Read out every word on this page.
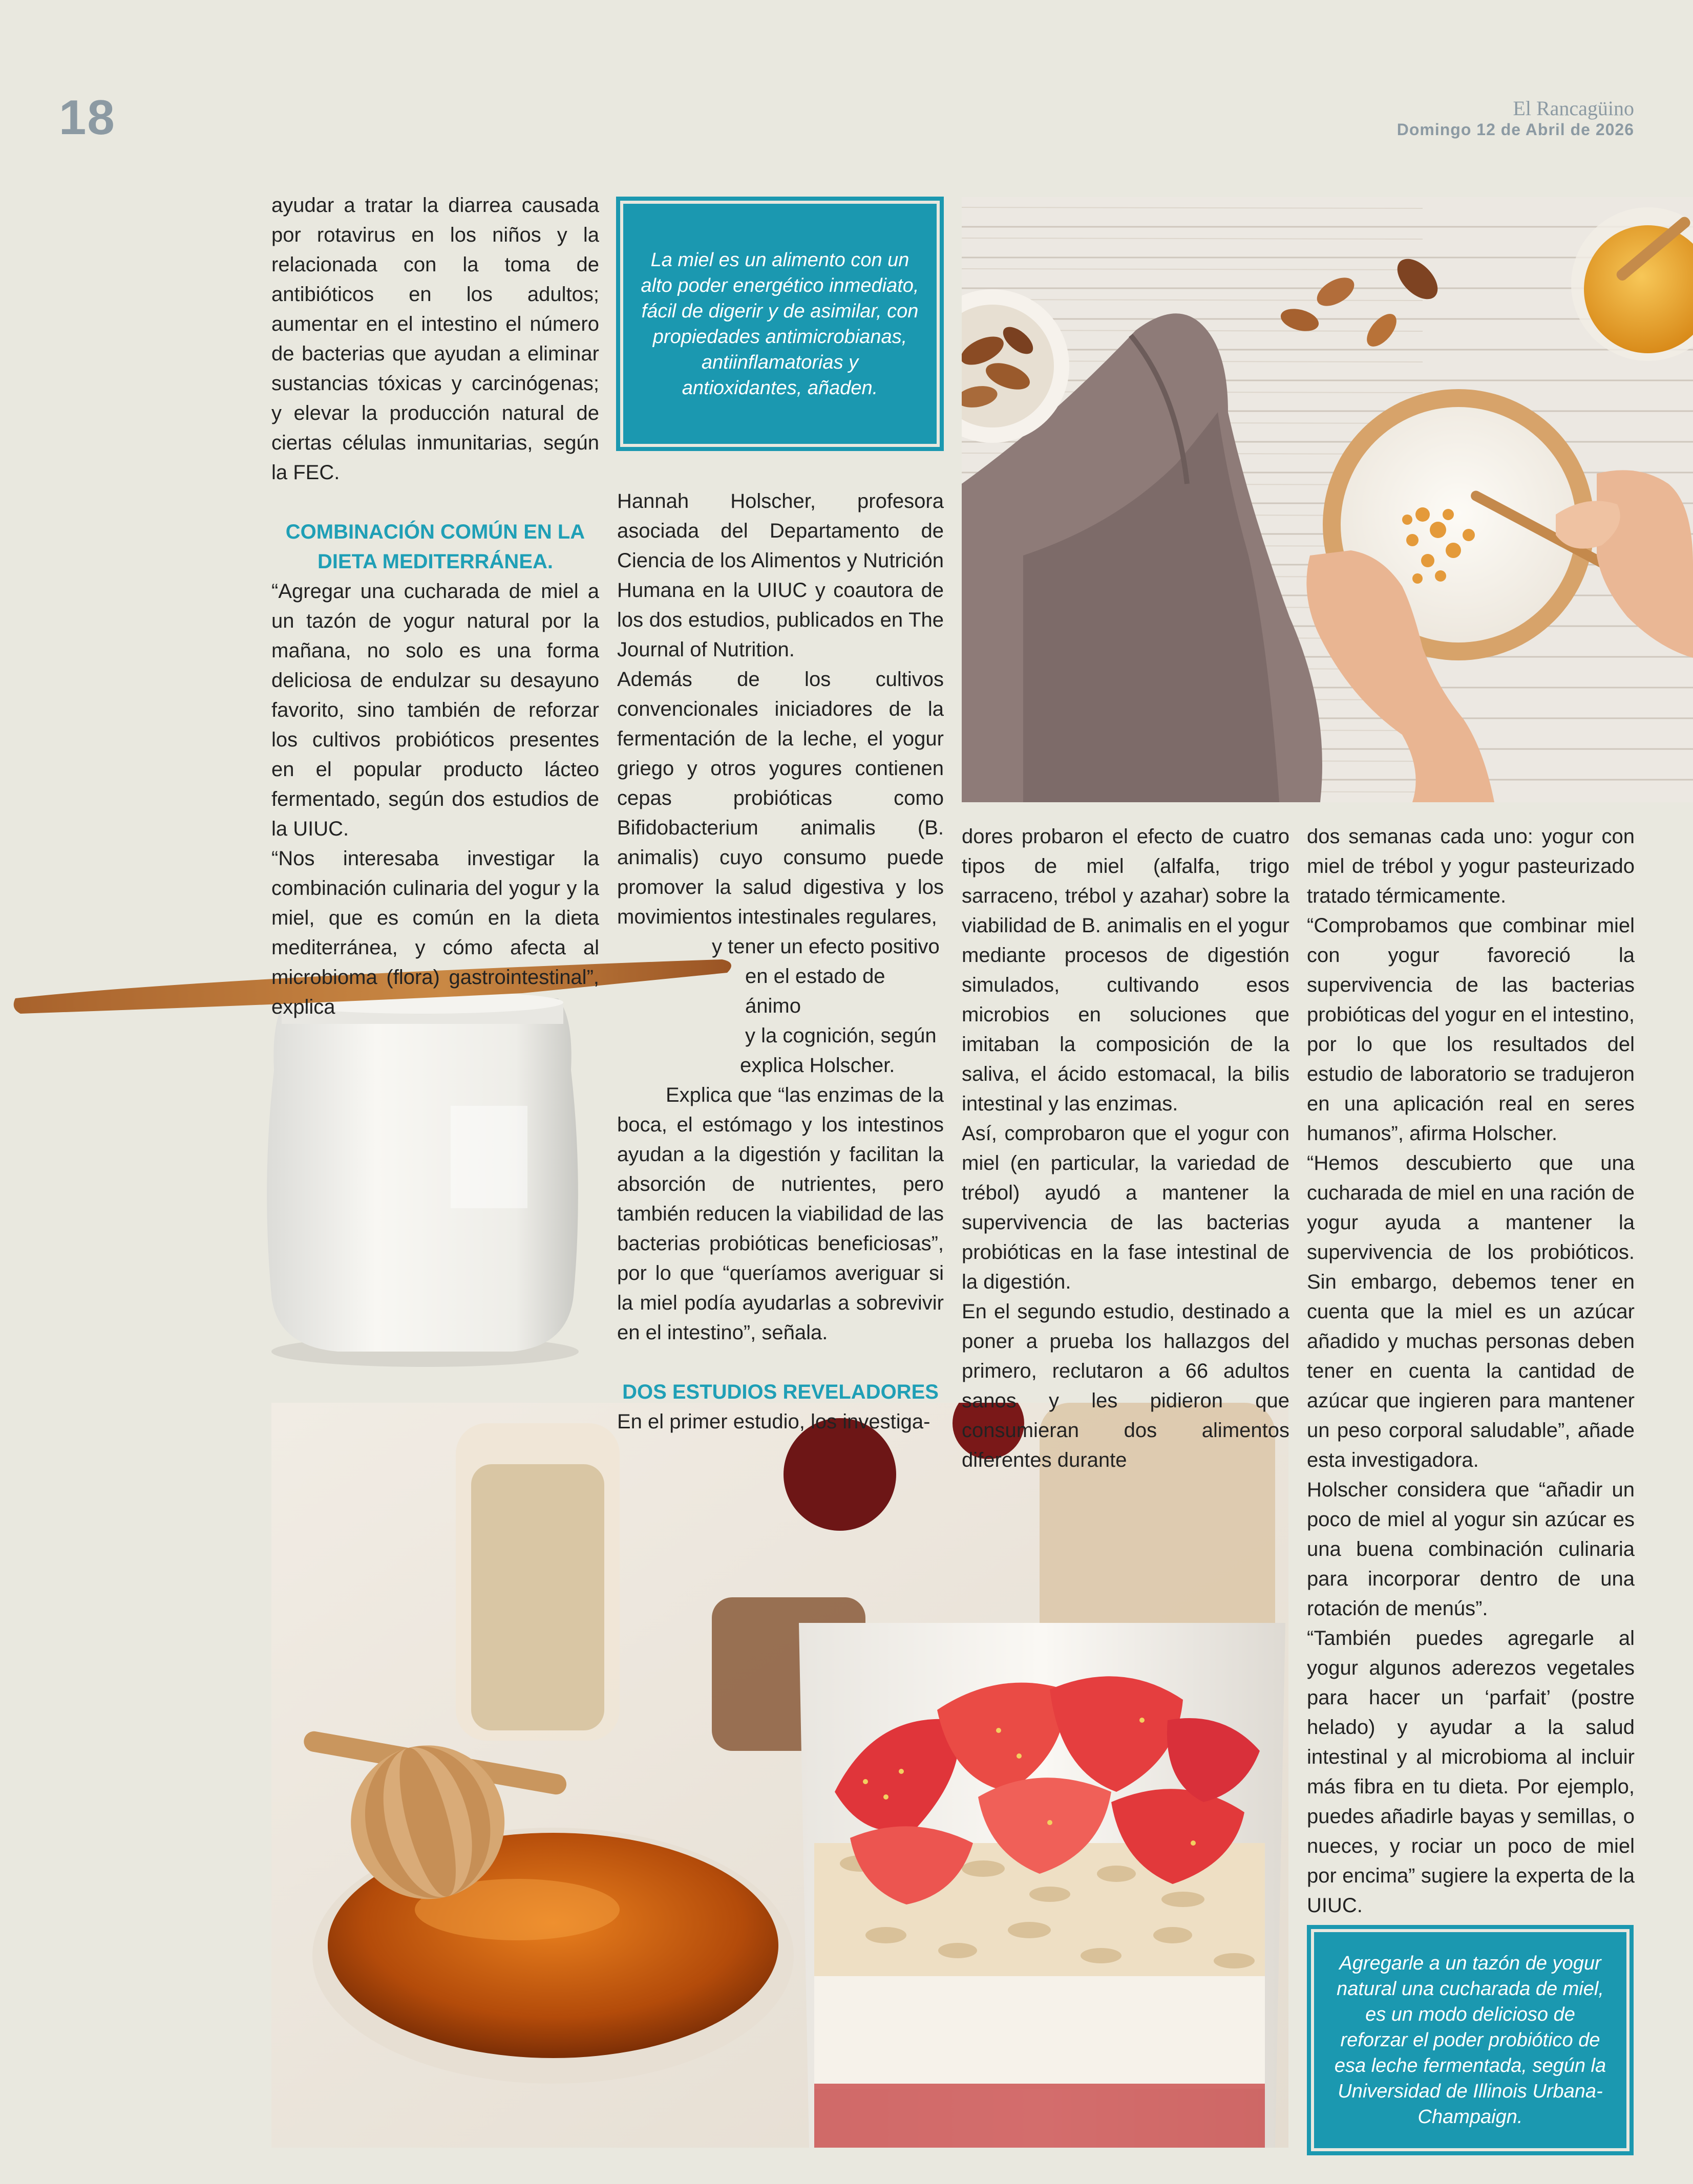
18	El Rancagüino
Domingo 12 de Abril de 2026
La miel es un alimento con un alto poder energético inmediato, fácil de digerir y de asimilar, con propiedades antimicrobianas, antiinflamatorias y antioxidantes, añaden.

ayudar a tratar la diarrea causada por rotavirus en los niños y la relacionada con la toma de antibióticos en los adultos; aumentar en el intestino el número de bacterias que ayudan a eliminar sustancias tóxicas y carcinógenas; y elevar la producción natural de ciertas células inmunitarias, según la FEC.

COMBINACIÓN COMÚN EN LA DIETA MEDITERRÁNEA.

“Agregar una cucharada de miel a un tazón de yogur natural por la mañana, no solo es una forma deliciosa de endulzar su desayuno favorito, sino también de reforzar los cultivos probióticos presentes en el popular producto lácteo fermentado, según dos estudios de la UIUC.

“Nos interesaba investigar la combinación culinaria del yogur y la miel, que es común en la dieta mediterránea, y cómo afecta al microbioma (flora) gastrointestinal”, explica

Hannah Holscher, profesora asociada del Departamento de Ciencia de los Alimentos y Nutrición Humana en la UIUC y coautora de los dos estudios, publicados en The Journal of Nutrition.

Además de los cultivos convencionales iniciadores de la fermentación de la leche, el yogur griego y otros yogures contienen cepas probióticas como Bifidobacterium animalis (B. animalis) cuyo consumo puede promover la salud digestiva y los movimientos intestinales regulares,

y tener un efecto positivo

en el estado de ánimo

y la cognición, según

explica Holscher.

Explica que “las enzimas de la boca, el estómago y los intestinos ayudan a la digestión y facilitan la absorción de nutrientes, pero también reducen la viabilidad de las bacterias probióticas beneficiosas”, por lo que “queríamos averiguar si la miel podía ayudarlas a sobrevivir en el intestino”, señala.

DOS ESTUDIOS REVELADORES

En el primer estudio, los investiga-

dores probaron el efecto de cuatro tipos de miel (alfalfa, trigo sarraceno, trébol y azahar) sobre la viabilidad de B. animalis en el yogur mediante procesos de digestión simulados, cultivando esos microbios en soluciones que imitaban la composición de la saliva, el ácido estomacal, la bilis intestinal y las enzimas.

Así, comprobaron que el yogur con miel (en particular, la variedad de trébol) ayudó a mantener la supervivencia de las bacterias probióticas en la fase intestinal de la digestión.

En el segundo estudio, destinado a poner a prueba los hallazgos del primero, reclutaron a 66 adultos sanos y les pidieron que consumieran dos alimentos diferentes durante

dos semanas cada uno: yogur con miel de trébol y yogur pasteurizado tratado térmicamente.

“Comprobamos que combinar miel con yogur favoreció la supervivencia de las bacterias probióticas del yogur en el intestino, por lo que los resultados del estudio de laboratorio se tradujeron en una aplicación real en seres humanos”, afirma Holscher.

“Hemos descubierto que una cucharada de miel en una ración de yogur ayuda a mantener la supervivencia de los probióticos. Sin embargo, debemos tener en cuenta que la miel es un azúcar añadido y muchas personas deben tener en cuenta la cantidad de azúcar que ingieren para mantener un peso corporal saludable”, añade esta investigadora.

Holscher considera que “añadir un poco de miel al yogur sin azúcar es una buena combinación culinaria para incorporar dentro de una rotación de menús”.

“También puedes agregarle al yogur algunos aderezos vegetales para hacer un ‘parfait’ (postre helado) y ayudar a la salud intestinal y al microbioma al incluir más fibra en tu dieta. Por ejemplo, puedes añadirle bayas y semillas, o nueces, y rociar un poco de miel por encima” sugiere la experta de la UIUC.

Agregarle a un tazón de yogur natural una cucharada de miel, es un modo delicioso de reforzar el poder probiótico de esa leche fermentada, según la Universidad de Illinois Urbana-Champaign.
